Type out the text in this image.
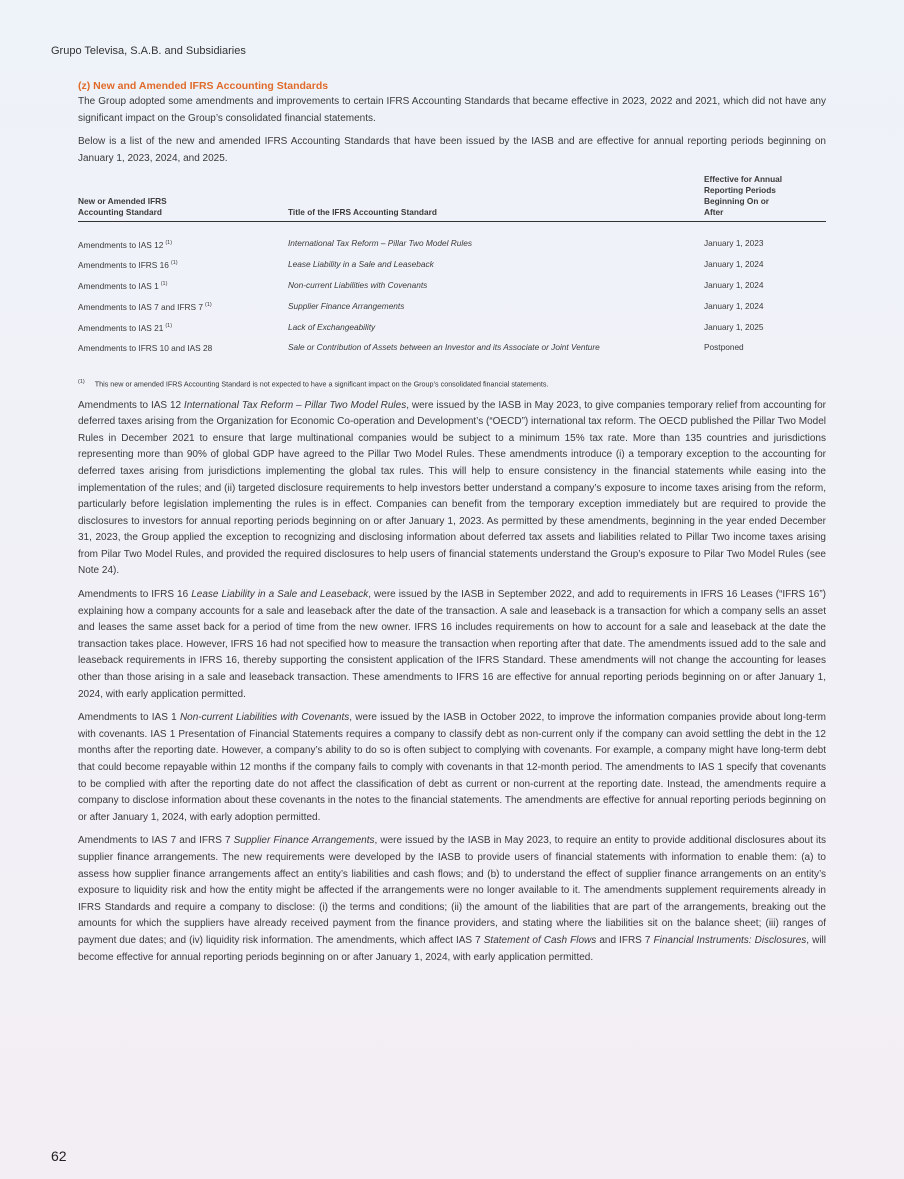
Grupo Televisa, S.A.B. and Subsidiaries
(z) New and Amended IFRS Accounting Standards

The Group adopted some amendments and improvements to certain IFRS Accounting Standards that became effective in 2023, 2022 and 2021, which did not have any significant impact on the Group’s consolidated financial statements.

Below is a list of the new and amended IFRS Accounting Standards that have been issued by the IASB and are effective for annual reporting periods beginning on January 1, 2023, 2024, and 2025.

New or Amended IFRS Accounting Standard	Title of the IFRS Accounting Standard	Effective for Annual Reporting Periods Beginning On or After

Amendments to IAS 12 $^{(1)}$	International Tax Reform – Pillar Two Model Rules	January 1, 2023
Amendments to IFRS 16 $^{(1)}$	Lease Liability in a Sale and Leaseback	January 1, 2024
Amendments to IAS 1 $^{(1)}$	Non-current Liabilities with Covenants	January 1, 2024
Amendments to IAS 7 and IFRS 7 $^{(1)}$	Supplier Finance Arrangements	January 1, 2024
Amendments to IAS 21 $^{(1)}$	Lack of Exchangeability	January 1, 2025
Amendments to IFRS 10 and IAS 28	Sale or Contribution of Assets between an Investor and its Associate or Joint Venture	Postponed
$^{(1)}$ This new or amended IFRS Accounting Standard is not expected to have a significant impact on the Group’s consolidated financial statements.

Amendments to IAS 12 International Tax Reform – Pillar Two Model Rules, were issued by the IASB in May 2023, to give companies temporary relief from accounting for deferred taxes arising from the Organization for Economic Co-operation and Development’s (“OECD”) international tax reform. The OECD published the Pillar Two Model Rules in December 2021 to ensure that large multinational companies would be subject to a minimum 15% tax rate. More than 135 countries and jurisdictions representing more than 90% of global GDP have agreed to the Pillar Two Model Rules. These amendments introduce (i) a temporary exception to the accounting for deferred taxes arising from jurisdictions implementing the global tax rules. This will help to ensure consistency in the financial statements while easing into the implementation of the rules; and (ii) targeted disclosure requirements to help investors better understand a company’s exposure to income taxes arising from the reform, particularly before legislation implementing the rules is in effect. Companies can benefit from the temporary exception immediately but are required to provide the disclosures to investors for annual reporting periods beginning on or after January 1, 2023. As permitted by these amendments, beginning in the year ended December 31, 2023, the Group applied the exception to recognizing and disclosing information about deferred tax assets and liabilities related to Pillar Two income taxes arising from Pilar Two Model Rules, and provided the required disclosures to help users of financial statements understand the Group’s exposure to Pilar Two Model Rules (see Note 24).

Amendments to IFRS 16 Lease Liability in a Sale and Leaseback, were issued by the IASB in September 2022, and add to requirements in IFRS 16 Leases (“IFRS 16”) explaining how a company accounts for a sale and leaseback after the date of the transaction. A sale and leaseback is a transaction for which a company sells an asset and leases the same asset back for a period of time from the new owner. IFRS 16 includes requirements on how to account for a sale and leaseback at the date the transaction takes place. However, IFRS 16 had not specified how to measure the transaction when reporting after that date. The amendments issued add to the sale and leaseback requirements in IFRS 16, thereby supporting the consistent application of the IFRS Standard. These amendments will not change the accounting for leases other than those arising in a sale and leaseback transaction. These amendments to IFRS 16 are effective for annual reporting periods beginning on or after January 1, 2024, with early application permitted.

Amendments to IAS 1 Non-current Liabilities with Covenants, were issued by the IASB in October 2022, to improve the information companies provide about long-term with covenants. IAS 1 Presentation of Financial Statements requires a company to classify debt as non-current only if the company can avoid settling the debt in the 12 months after the reporting date. However, a company’s ability to do so is often subject to complying with covenants. For example, a company might have long-term debt that could become repayable within 12 months if the company fails to comply with covenants in that 12-month period. The amendments to IAS 1 specify that covenants to be complied with after the reporting date do not affect the classification of debt as current or non-current at the reporting date. Instead, the amendments require a company to disclose information about these covenants in the notes to the financial statements. The amendments are effective for annual reporting periods beginning on or after January 1, 2024, with early adoption permitted.

Amendments to IAS 7 and IFRS 7 Supplier Finance Arrangements, were issued by the IASB in May 2023, to require an entity to provide additional disclosures about its supplier finance arrangements. The new requirements were developed by the IASB to provide users of financial statements with information to enable them: (a) to assess how supplier finance arrangements affect an entity’s liabilities and cash flows; and (b) to understand the effect of supplier finance arrangements on an entity’s exposure to liquidity risk and how the entity might be affected if the arrangements were no longer available to it. The amendments supplement requirements already in IFRS Standards and require a company to disclose: (i) the terms and conditions; (ii) the amount of the liabilities that are part of the arrangements, breaking out the amounts for which the suppliers have already received payment from the finance providers, and stating where the liabilities sit on the balance sheet; (iii) ranges of payment due dates; and (iv) liquidity risk information. The amendments, which affect IAS 7 Statement of Cash Flows and IFRS 7 Financial Instruments: Disclosures, will become effective for annual reporting periods beginning on or after January 1, 2024, with early application permitted.

62
